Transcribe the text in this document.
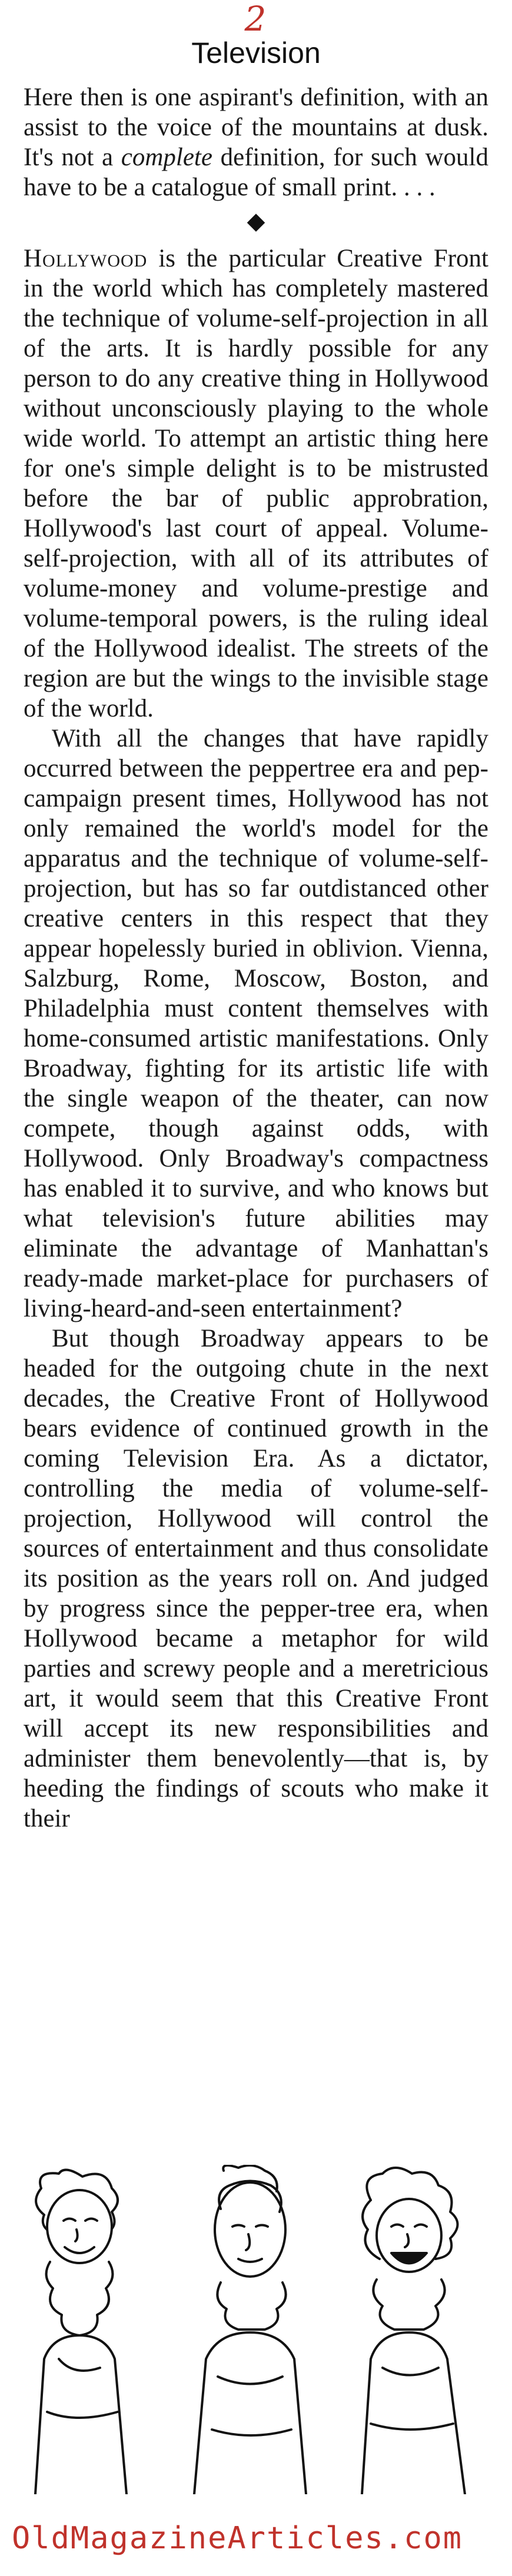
2
Television

Here then is one aspirant's definition, with an assist to the voice of the mountains at dusk. It's not a complete definition, for such would have to be a catalogue of small print. . . .

◆

Hollywood is the particular Creative Front in the world which has completely mastered the technique of volume-self-projection in all of the arts. It is hardly possible for any person to do any creative thing in Hollywood without unconsciously playing to the whole wide world. To attempt an artistic thing here for one's simple delight is to be mistrusted before the bar of public approbration, Hollywood's last court of appeal. Volume-self-projection, with all of its attributes of volume-money and volume-prestige and volume-temporal powers, is the ruling ideal of the Hollywood idealist. The streets of the region are but the wings to the invisible stage of the world.

With all the changes that have rapidly occurred between the peppertree era and pep-campaign present times, Hollywood has not only remained the world's model for the apparatus and the technique of volume-self-projection, but has so far outdistanced other creative centers in this respect that they appear hopelessly buried in oblivion. Vienna, Salzburg, Rome, Moscow, Boston, and Philadelphia must content themselves with home-consumed artistic manifestations. Only Broadway, fighting for its artistic life with the single weapon of the theater, can now compete, though against odds, with Hollywood. Only Broadway's compactness has enabled it to survive, and who knows but what television's future abilities may eliminate the advantage of Manhattan's ready-made market-place for purchasers of living-heard-and-seen entertainment?

But though Broadway appears to be headed for the outgoing chute in the next decades, the Creative Front of Hollywood bears evidence of continued growth in the coming Television Era. As a dictator, controlling the media of volume-self-projection, Hollywood will control the sources of entertainment and thus consolidate its position as the years roll on. And judged by progress since the pepper-tree era, when Hollywood became a metaphor for wild parties and screwy people and a meretricious art, it would seem that this Creative Front will accept its new responsibilities and administer them benevolently—that is, by heeding the findings of scouts who make it their

OldMagazineArticles.com
